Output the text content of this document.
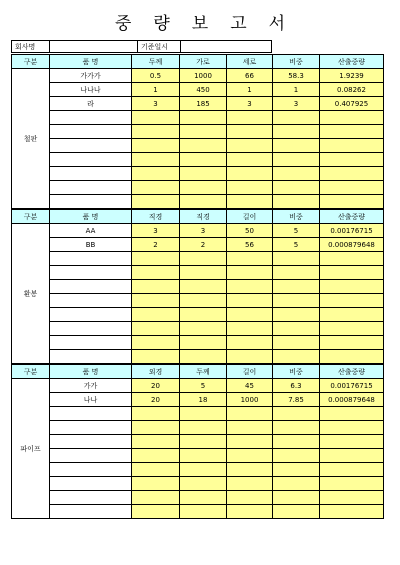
중량보고서
회사명		기준일시	
구분	품 명	두께	가로	세로	비중	산출중량
철판	가가가	0.5	1000	66	58.3	1.9239
	나나나	1	450	1	1	0.08262
	라	3	185	3	3	0.407925

구분	품 명	직경	직경	길이	비중	산출중량
환봉	AA	3	3	50	5	0.00176715
	BB	2	2	56	5	0.000879648

구분	품 명	외경	두께	길이	비중	산출중량
파이프	가가	20	5	45	6.3	0.00176715
	나나	20	18	1000	7.85	0.000879648
